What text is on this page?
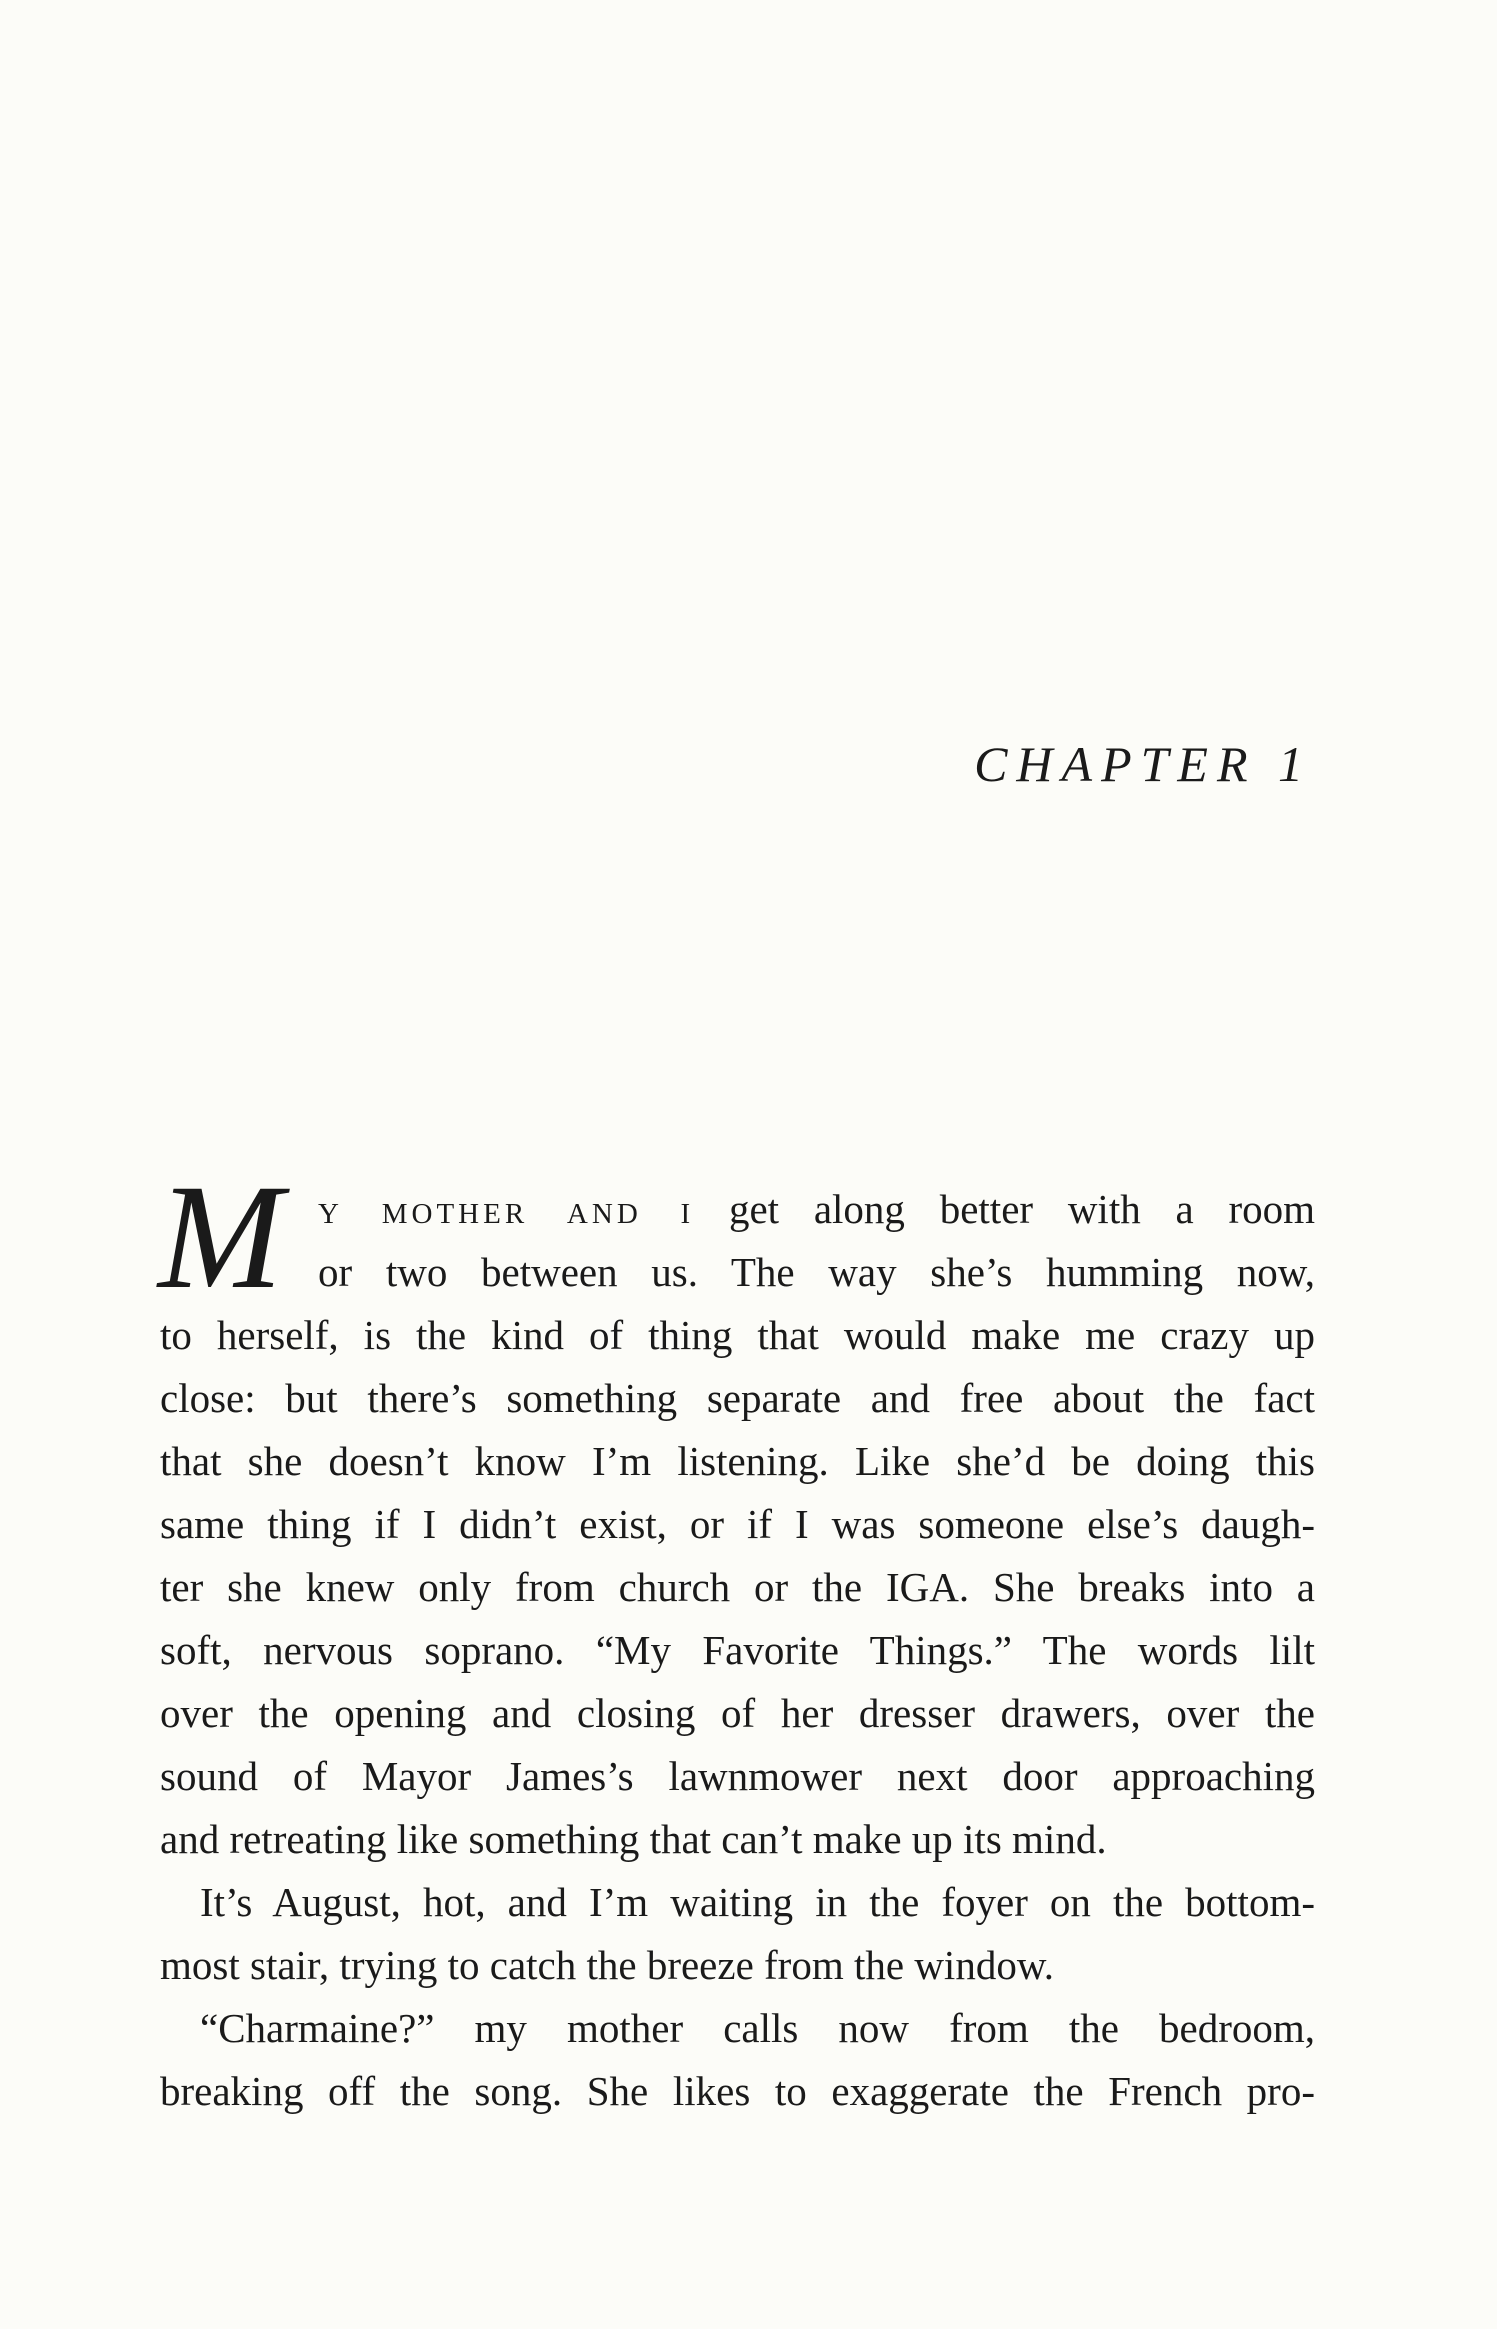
CHAPTER 1
M y mother and i get along better with a room
or two between us. The way she’s humming now,
to herself, is the kind of thing that would make me crazy up
close: but there’s something separate and free about the fact
that she doesn’t know I’m listening. Like she’d be doing this
same thing if I didn’t exist, or if I was someone else’s daugh-
ter she knew only from church or the IGA. She breaks into a
soft, nervous soprano. “My Favorite Things.” The words lilt
over the opening and closing of her dresser drawers, over the
sound of Mayor James’s lawnmower next door approaching
and retreating like something that can’t make up its mind.
It’s August, hot, and I’m waiting in the foyer on the bottom-
most stair, trying to catch the breeze from the window.
“Charmaine?” my mother calls now from the bedroom,
breaking off the song. She likes to exaggerate the French pro-
